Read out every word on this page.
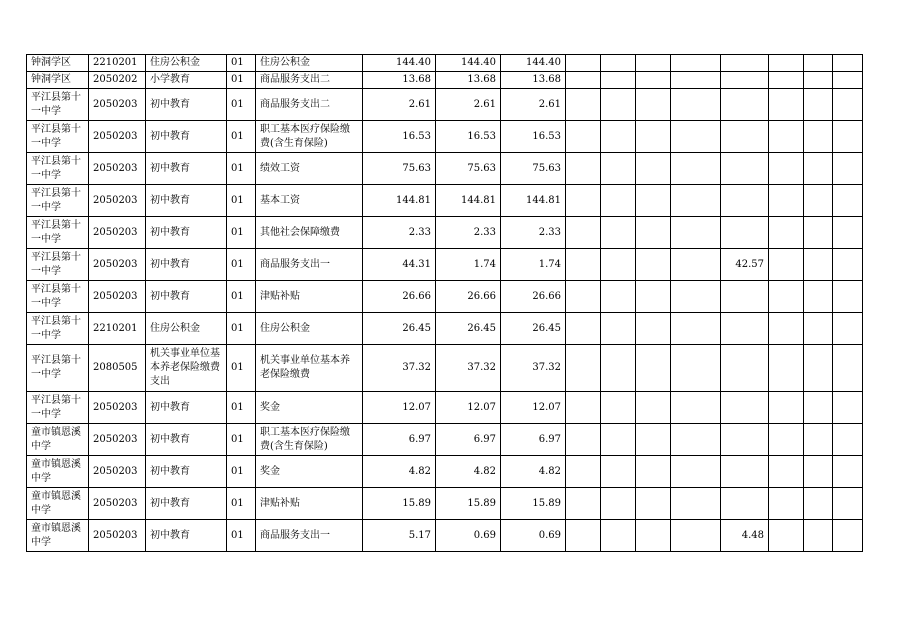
钟洞学区	2210201	住房公积金	01	住房公积金	144.40	144.40	144.40								
钟洞学区	2050202	小学教育	01	商品服务支出二	13.68	13.68	13.68								
平江县第十一中学	2050203	初中教育	01	商品服务支出二	2.61	2.61	2.61								
平江县第十一中学	2050203	初中教育	01	职工基本医疗保险缴费(含生育保险)	16.53	16.53	16.53								
平江县第十一中学	2050203	初中教育	01	绩效工资	75.63	75.63	75.63								
平江县第十一中学	2050203	初中教育	01	基本工资	144.81	144.81	144.81								
平江县第十一中学	2050203	初中教育	01	其他社会保障缴费	2.33	2.33	2.33								
平江县第十一中学	2050203	初中教育	01	商品服务支出一	44.31	1.74	1.74					42.57			
平江县第十一中学	2050203	初中教育	01	津贴补贴	26.66	26.66	26.66								
平江县第十一中学	2210201	住房公积金	01	住房公积金	26.45	26.45	26.45								
平江县第十一中学	2080505	机关事业单位基本养老保险缴费支出	01	机关事业单位基本养老保险缴费	37.32	37.32	37.32								
平江县第十一中学	2050203	初中教育	01	奖金	12.07	12.07	12.07								
童市镇恩溪中学	2050203	初中教育	01	职工基本医疗保险缴费(含生育保险)	6.97	6.97	6.97								
童市镇恩溪中学	2050203	初中教育	01	奖金	4.82	4.82	4.82								
童市镇恩溪中学	2050203	初中教育	01	津贴补贴	15.89	15.89	15.89								
童市镇恩溪中学	2050203	初中教育	01	商品服务支出一	5.17	0.69	0.69					4.48			
